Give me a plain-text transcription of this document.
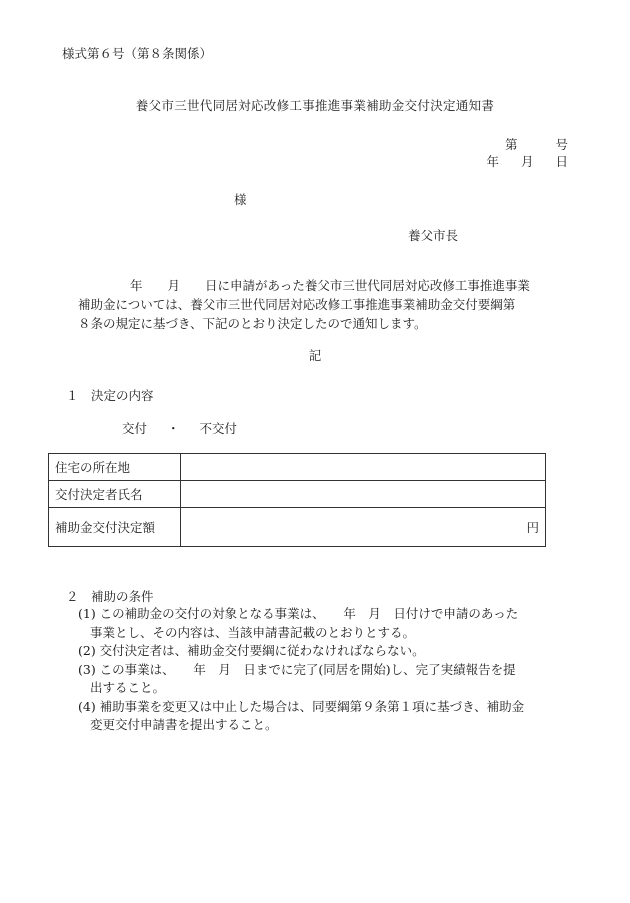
様式第６号（第８条関係）
養父市三世代同居対応改修工事推進事業補助金交付決定通知書
第	号
年 月 日
様
養父市長
年　　月　　日に申請があった養父市三世代同居対応改修工事推進事業
補助金については、養父市三世代同居対応改修工事推進事業補助金交付要綱第
８条の規定に基づき、下記のとおり決定したので通知します。
記
１　決定の内容
交付 ・ 不交付
住宅の所在地	
交付決定者氏名	
補助金交付決定額	円
２　補助の条件
(1) この補助金の交付の対象となる事業は、　　年　月　日付けで申請のあった
事業とし、その内容は、当該申請書記載のとおりとする。
(2) 交付決定者は、補助金交付要綱に従わなければならない。
(3) この事業は、　　年　月　日までに完了(同居を開始)し、完了実績報告を提
出すること。
(4) 補助事業を変更又は中止した場合は、同要綱第９条第１項に基づき、補助金
変更交付申請書を提出すること。
